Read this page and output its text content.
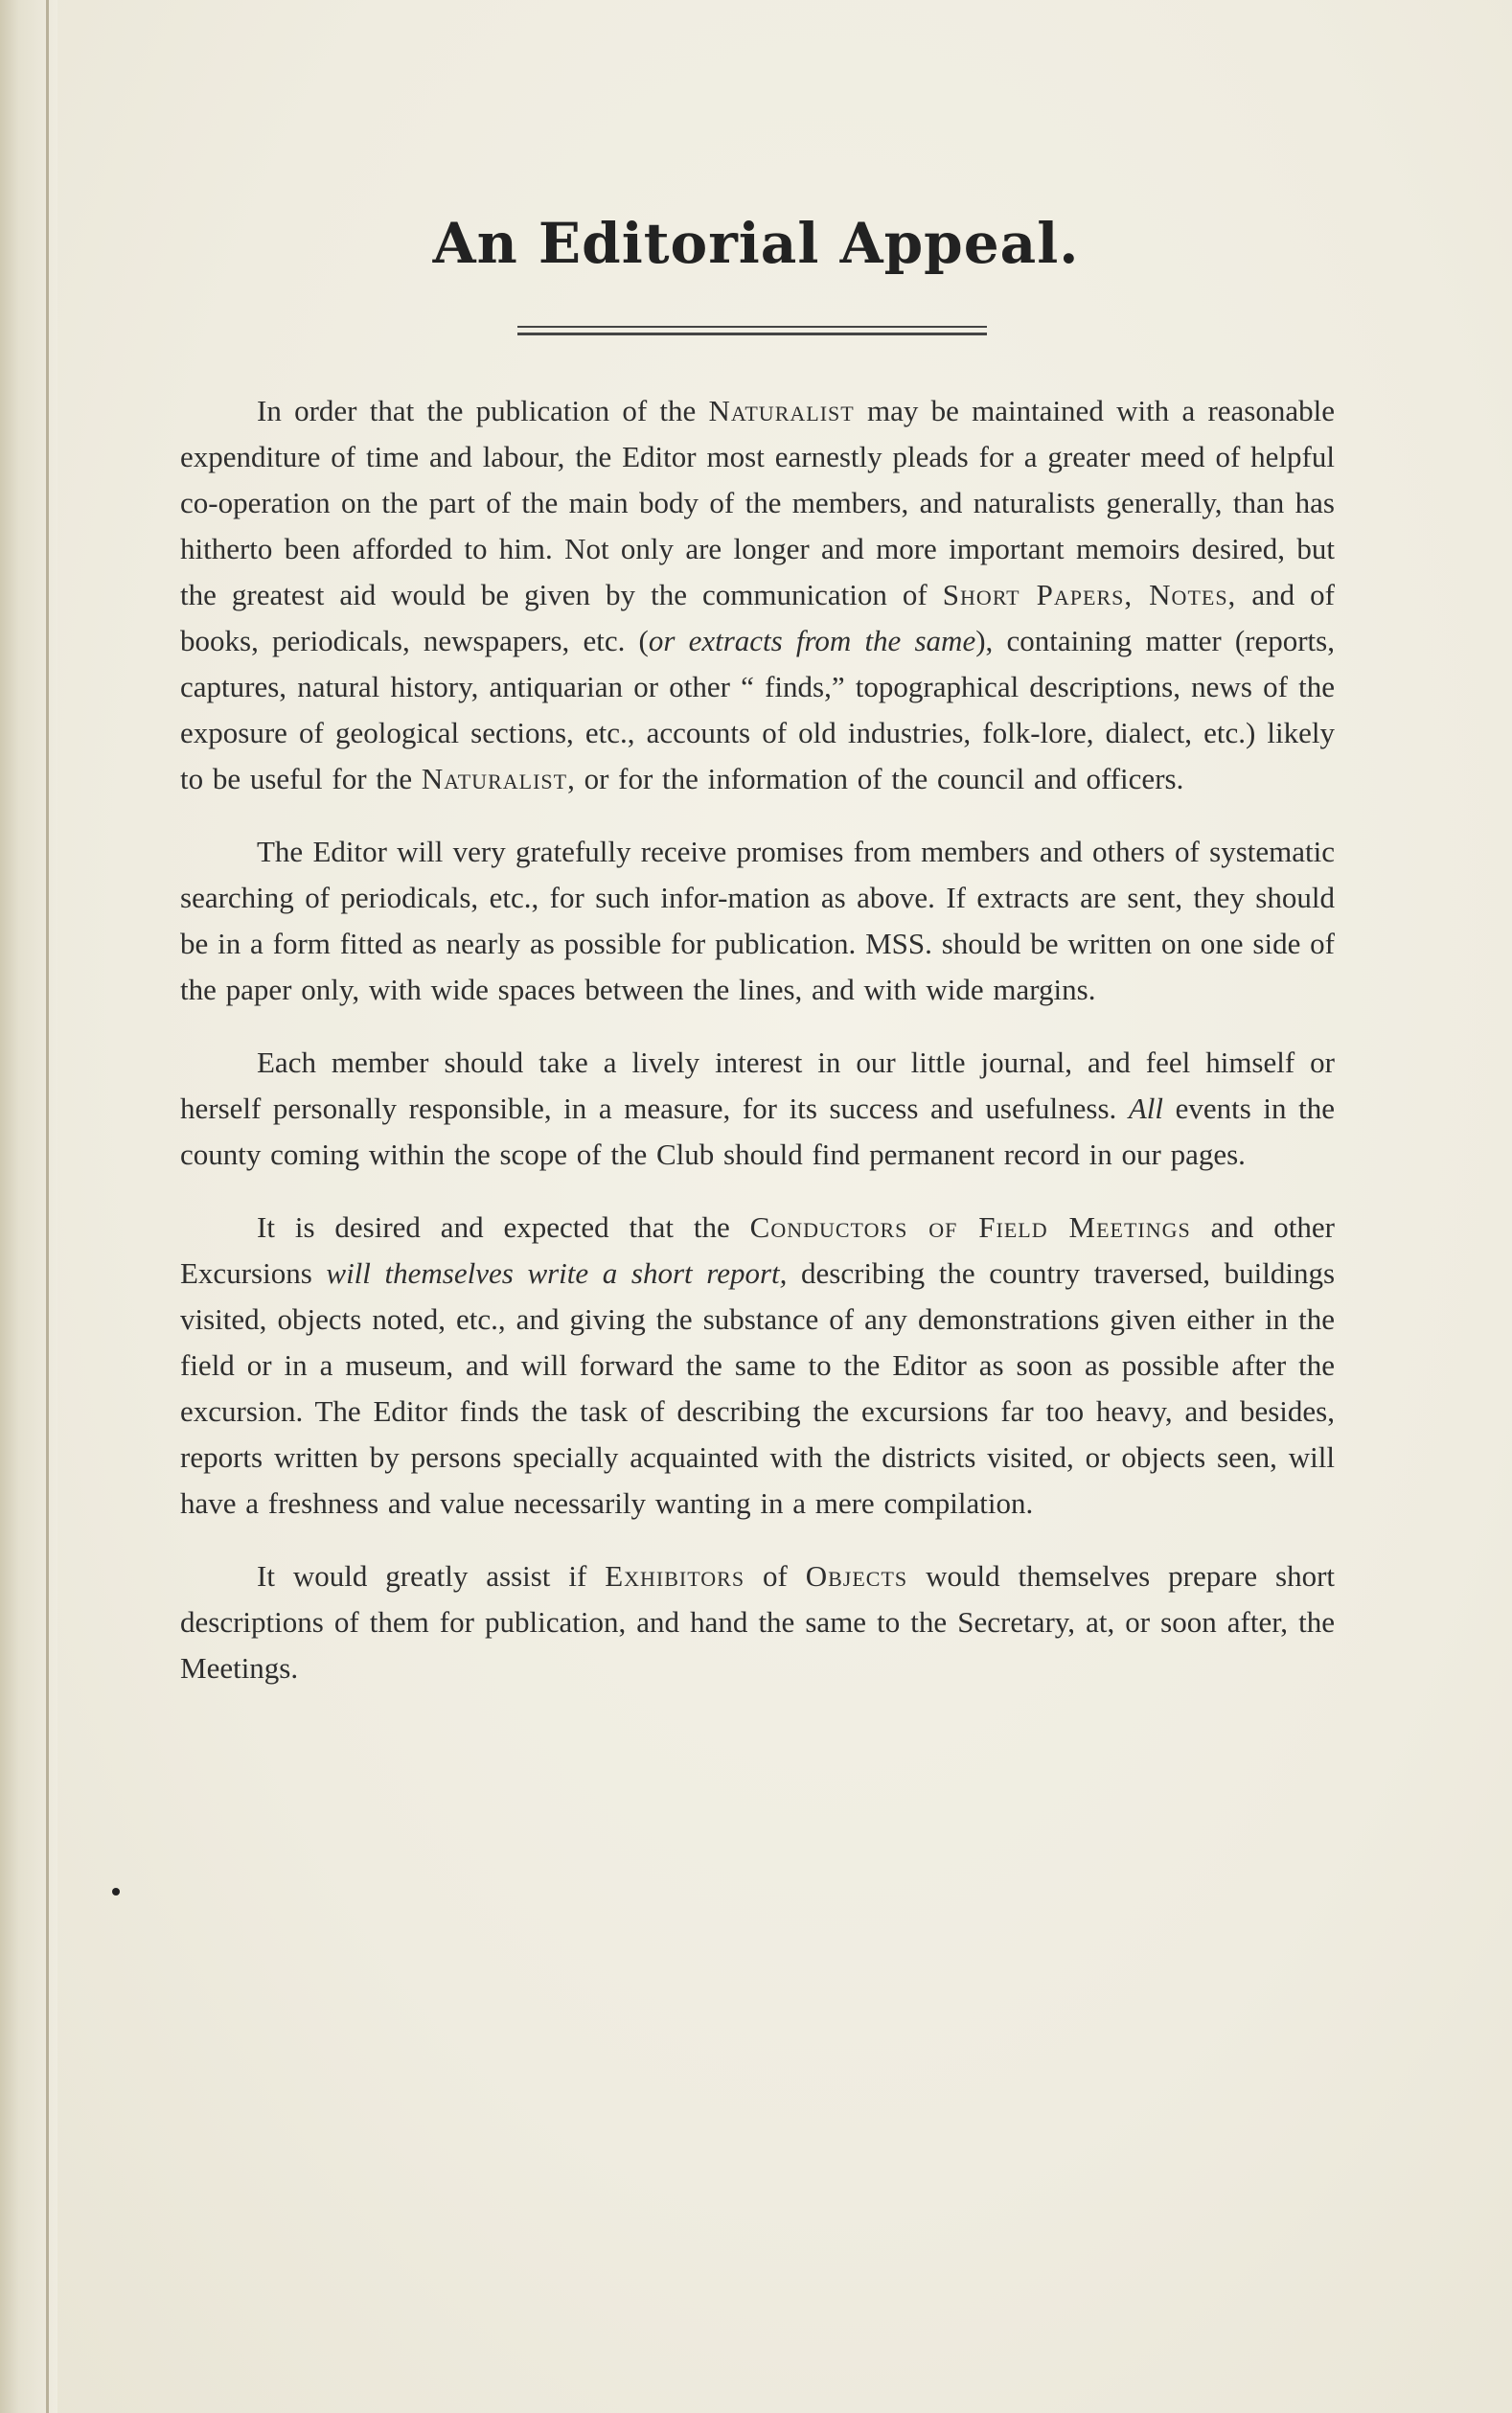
An Editorial Appeal.

In order that the publication of the Naturalist may be maintained with a reasonable expenditure of time and labour, the Editor most earnestly pleads for a greater meed of helpful co-operation on the part of the main body of the members, and naturalists generally, than has hitherto been afforded to him. Not only are longer and more important memoirs desired, but the greatest aid would be given by the communication of Short Papers, Notes, and of books, periodicals, newspapers, etc. (or extracts from the same), containing matter (reports, captures, natural history, antiquarian or other “ finds,” topographical descriptions, news of the exposure of geological sections, etc., accounts of old industries, folk-lore, dialect, etc.) likely to be useful for the Naturalist, or for the information of the council and officers.

The Editor will very gratefully receive promises from members and others of systematic searching of periodicals, etc., for such infor-mation as above. If extracts are sent, they should be in a form fitted as nearly as possible for publication. MSS. should be written on one side of the paper only, with wide spaces between the lines, and with wide margins.

Each member should take a lively interest in our little journal, and feel himself or herself personally responsible, in a measure, for its success and usefulness. All events in the county coming within the scope of the Club should find permanent record in our pages.

It is desired and expected that the Conductors of Field Meetings and other Excursions will themselves write a short report, describing the country traversed, buildings visited, objects noted, etc., and giving the substance of any demonstrations given either in the field or in a museum, and will forward the same to the Editor as soon as possible after the excursion. The Editor finds the task of describing the excursions far too heavy, and besides, reports written by persons specially acquainted with the districts visited, or objects seen, will have a freshness and value necessarily wanting in a mere compilation.

It would greatly assist if Exhibitors of Objects would themselves prepare short descriptions of them for publication, and hand the same to the Secretary, at, or soon after, the Meetings.
